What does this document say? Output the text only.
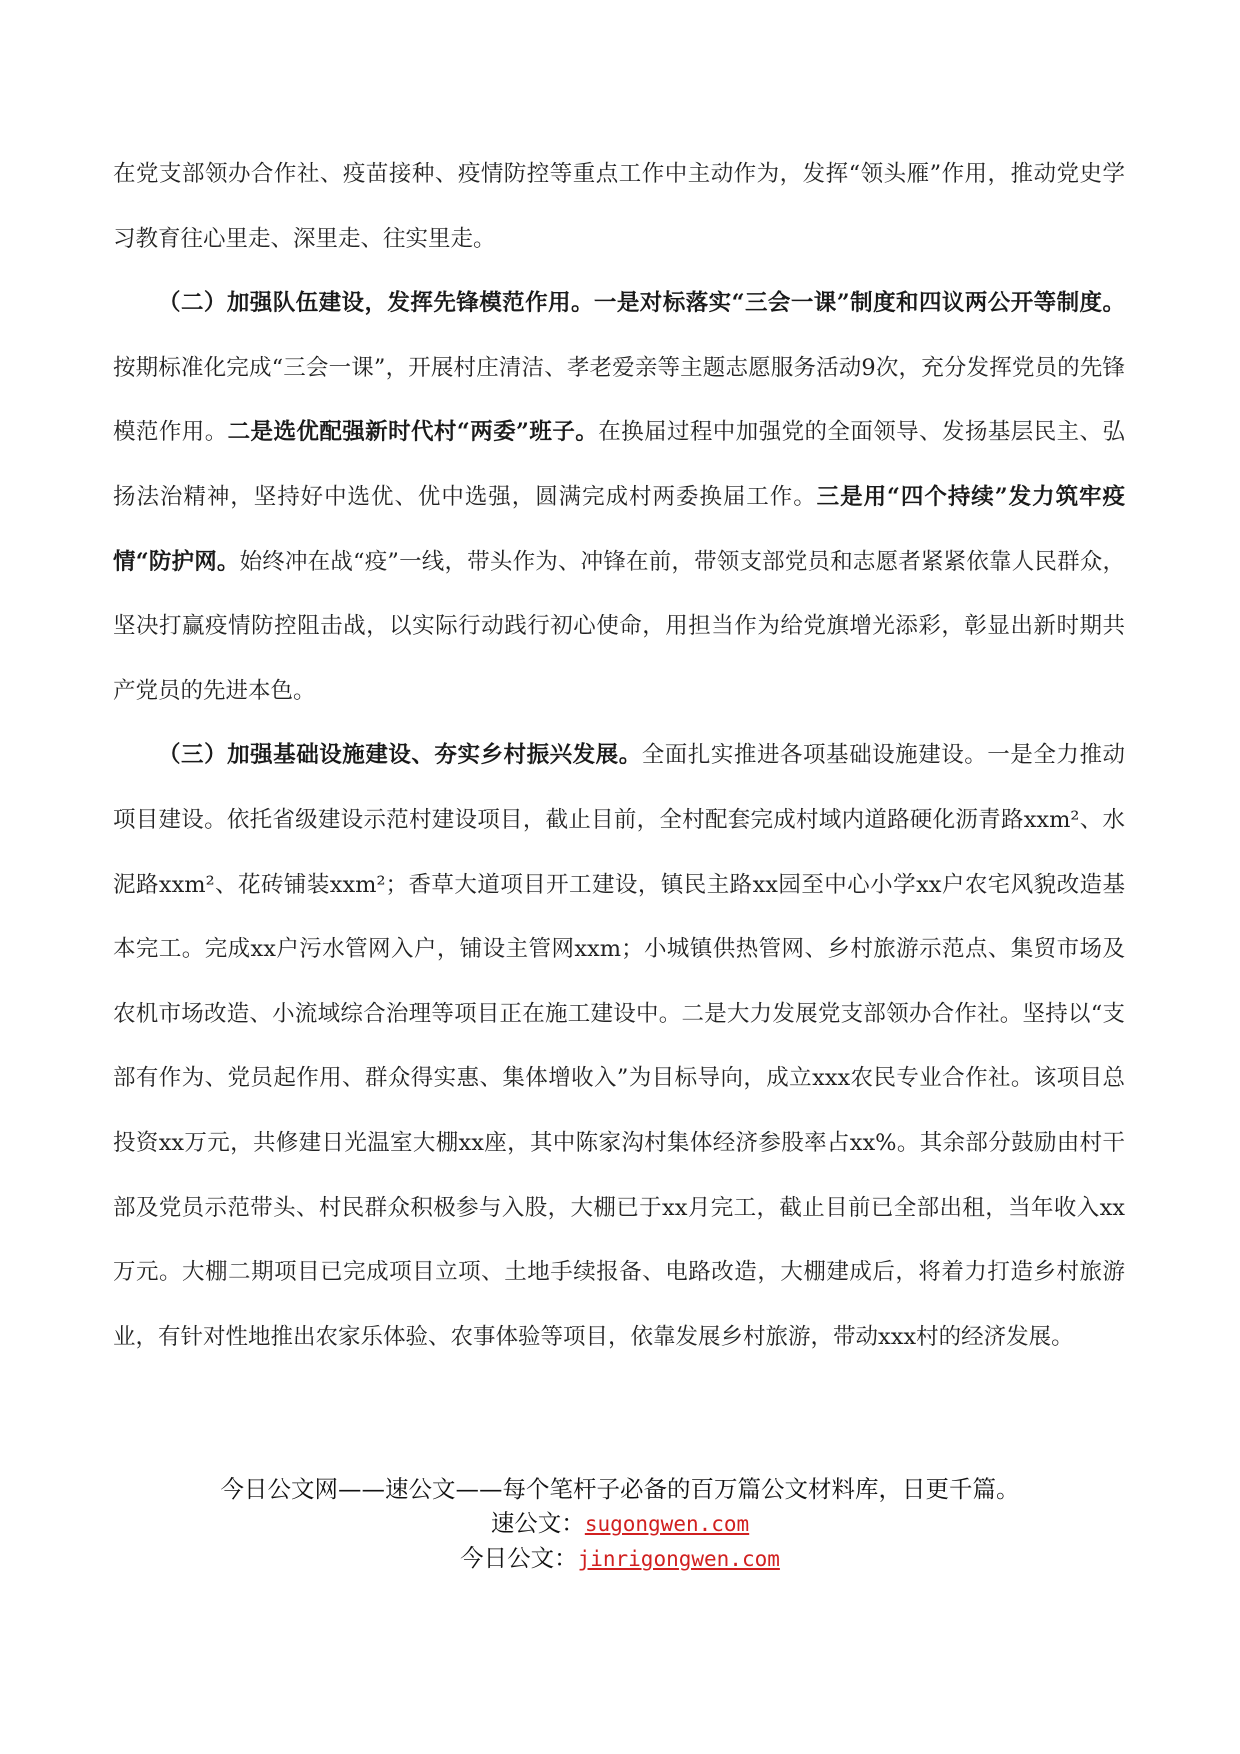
在党支部领办合作社、疫苗接种、疫情防控等重点工作中主动作为，发挥“领头雁”作用，推动党史学习教育往心里走、深里走、往实里走。

（二）加强队伍建设，发挥先锋模范作用。一是对标落实“三会一课”制度和四议两公开等制度。按期标准化完成“三会一课”，开展村庄清洁、孝老爱亲等主题志愿服务活动9次，充分发挥党员的先锋模范作用。二是选优配强新时代村“两委”班子。在换届过程中加强党的全面领导、发扬基层民主、弘扬法治精神，坚持好中选优、优中选强，圆满完成村两委换届工作。三是用“四个持续”发力筑牢疫情“防护网。始终冲在战“疫”一线，带头作为、冲锋在前，带领支部党员和志愿者紧紧依靠人民群众，坚决打赢疫情防控阻击战，以实际行动践行初心使命，用担当作为给党旗增光添彩，彰显出新时期共产党员的先进本色。

（三）加强基础设施建设、夯实乡村振兴发展。全面扎实推进各项基础设施建设。一是全力推动项目建设。依托省级建设示范村建设项目，截止目前，全村配套完成村域内道路硬化沥青路xxm²、水泥路xxm²、花砖铺装xxm²；香草大道项目开工建设，镇民主路xx园至中心小学xx户农宅风貌改造基本完工。完成xx户污水管网入户，铺设主管网xxm；小城镇供热管网、乡村旅游示范点、集贸市场及农机市场改造、小流域综合治理等项目正在施工建设中。二是大力发展党支部领办合作社。坚持以“支部有作为、党员起作用、群众得实惠、集体增收入”为目标导向，成立xxx农民专业合作社。该项目总投资xx万元，共修建日光温室大棚xx座，其中陈家沟村集体经济参股率占xx%。其余部分鼓励由村干部及党员示范带头、村民群众积极参与入股，大棚已于xx月完工，截止目前已全部出租，当年收入xx万元。大棚二期项目已完成项目立项、土地手续报备、电路改造，大棚建成后，将着力打造乡村旅游业，有针对性地推出农家乐体验、农事体验等项目，依靠发展乡村旅游，带动xxx村的经济发展。

今日公文网——速公文——每个笔杆子必备的百万篇公文材料库，日更千篇。
速公文：sugongwen.com
今日公文：jinrigongwen.com
